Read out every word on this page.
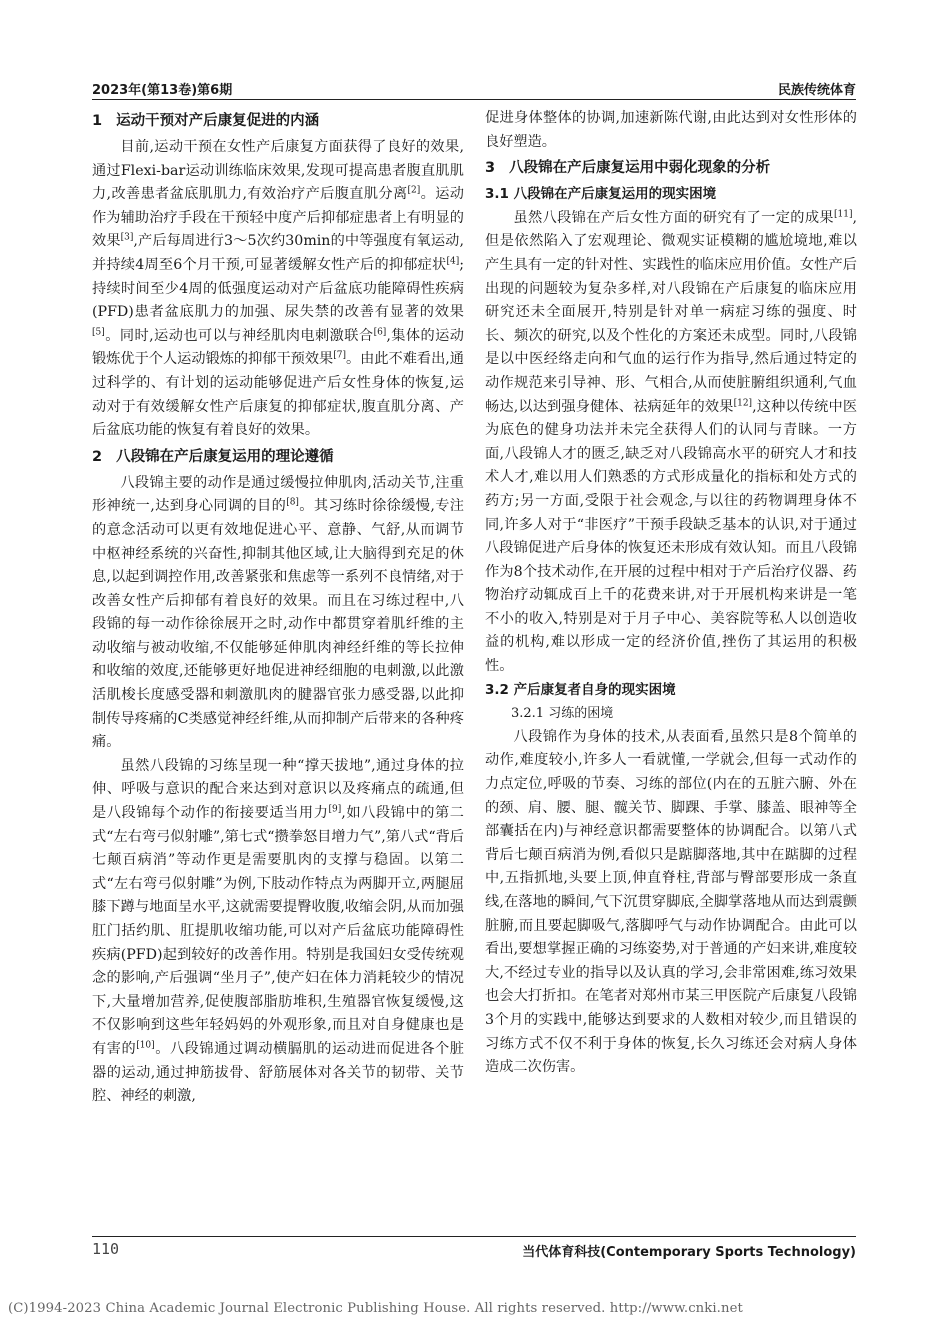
2023年(第13卷)第6期	民族传统体育
1 运动干预对产后康复促进的内涵

目前,运动干预在女性产后康复方面获得了良好的效果,通过Flexi-bar运动训练临床效果,发现可提高患者腹直肌肌力,改善患者盆底肌肌力,有效治疗产后腹直肌分离[2]。运动作为辅助治疗手段在干预轻中度产后抑郁症患者上有明显的效果[3],产后每周进行3～5次约30min的中等强度有氧运动,并持续4周至6个月干预,可显著缓解女性产后的抑郁症状[4];持续时间至少4周的低强度运动对产后盆底功能障碍性疾病(PFD)患者盆底肌力的加强、尿失禁的改善有显著的效果[5]。同时,运动也可以与神经肌肉电刺激联合[6],集体的运动锻炼优于个人运动锻炼的抑郁干预效果[7]。由此不难看出,通过科学的、有计划的运动能够促进产后女性身体的恢复,运动对于有效缓解女性产后康复的抑郁症状,腹直肌分离、产后盆底功能的恢复有着良好的效果。

2 八段锦在产后康复运用的理论遵循

八段锦主要的动作是通过缓慢拉伸肌肉,活动关节,注重形神统一,达到身心同调的目的[8]。其习练时徐徐缓慢,专注的意念活动可以更有效地促进心平、意静、气舒,从而调节中枢神经系统的兴奋性,抑制其他区域,让大脑得到充足的休息,以起到调控作用,改善紧张和焦虑等一系列不良情绪,对于改善女性产后抑郁有着良好的效果。而且在习练过程中,八段锦的每一动作徐徐展开之时,动作中都贯穿着肌纤维的主动收缩与被动收缩,不仅能够延伸肌肉神经纤维的等长拉伸和收缩的效度,还能够更好地促进神经细胞的电刺激,以此激活肌梭长度感受器和刺激肌肉的腱器官张力感受器,以此抑制传导疼痛的C类感觉神经纤维,从而抑制产后带来的各种疼痛。

虽然八段锦的习练呈现一种“撑天拔地”,通过身体的拉伸、呼吸与意识的配合来达到对意识以及疼痛点的疏通,但是八段锦每个动作的衔接要适当用力[9],如八段锦中的第二式“左右弯弓似射雕”,第七式“攒拳怒目增力气”,第八式“背后七颠百病消”等动作更是需要肌肉的支撑与稳固。以第二式“左右弯弓似射雕”为例,下肢动作特点为两脚开立,两腿屈膝下蹲与地面呈水平,这就需要提臀收腹,收缩会阴,从而加强肛门括约肌、肛提肌收缩功能,可以对产后盆底功能障碍性疾病(PFD)起到较好的改善作用。特别是我国妇女受传统观念的影响,产后强调“坐月子”,使产妇在体力消耗较少的情况下,大量增加营养,促使腹部脂肪堆积,生殖器官恢复缓慢,这不仅影响到这些年轻妈妈的外观形象,而且对自身健康也是有害的[10]。八段锦通过调动横膈肌的运动进而促进各个脏器的运动,通过抻筋拔骨、舒筋展体对各关节的韧带、关节腔、神经的刺激,

促进身体整体的协调,加速新陈代谢,由此达到对女性形体的良好塑造。

3 八段锦在产后康复运用中弱化现象的分析
3.1 八段锦在产后康复运用的现实困境

虽然八段锦在产后女性方面的研究有了一定的成果[11],但是依然陷入了宏观理论、微观实证模糊的尴尬境地,难以产生具有一定的针对性、实践性的临床应用价值。女性产后出现的问题较为复杂多样,对八段锦在产后康复的临床应用研究还未全面展开,特别是针对单一病症习练的强度、时长、频次的研究,以及个性化的方案还未成型。同时,八段锦是以中医经络走向和气血的运行作为指导,然后通过特定的动作规范来引导神、形、气相合,从而使脏腑组织通利,气血畅达,以达到强身健体、祛病延年的效果[12],这种以传统中医为底色的健身功法并未完全获得人们的认同与青睐。一方面,八段锦人才的匮乏,缺乏对八段锦高水平的研究人才和技术人才,难以用人们熟悉的方式形成量化的指标和处方式的药方;另一方面,受限于社会观念,与以往的药物调理身体不同,许多人对于“非医疗”干预手段缺乏基本的认识,对于通过八段锦促进产后身体的恢复还未形成有效认知。而且八段锦作为8个技术动作,在开展的过程中相对于产后治疗仪器、药物治疗动辄成百上千的花费来讲,对于开展机构来讲是一笔不小的收入,特别是对于月子中心、美容院等私人以创造收益的机构,难以形成一定的经济价值,挫伤了其运用的积极性。

3.2 产后康复者自身的现实困境
3.2.1 习练的困境

八段锦作为身体的技术,从表面看,虽然只是8个简单的动作,难度较小,许多人一看就懂,一学就会,但每一式动作的力点定位,呼吸的节奏、习练的部位(内在的五脏六腑、外在的颈、肩、腰、腿、髋关节、脚踝、手掌、膝盖、眼神等全部囊括在内)与神经意识都需要整体的协调配合。以第八式背后七颠百病消为例,看似只是踮脚落地,其中在踮脚的过程中,五指抓地,头要上顶,伸直脊柱,背部与臀部要形成一条直线,在落地的瞬间,气下沉贯穿脚底,全脚掌落地从而达到震颤脏腑,而且要起脚吸气,落脚呼气与动作协调配合。由此可以看出,要想掌握正确的习练姿势,对于普通的产妇来讲,难度较大,不经过专业的指导以及认真的学习,会非常困难,练习效果也会大打折扣。在笔者对郑州市某三甲医院产后康复八段锦3个月的实践中,能够达到要求的人数相对较少,而且错误的习练方式不仅不利于身体的恢复,长久习练还会对病人身体造成二次伤害。

110	当代体育科技(Contemporary Sports Technology)
(C)1994-2023 China Academic Journal Electronic Publishing House. All rights reserved. http://www.cnki.net
